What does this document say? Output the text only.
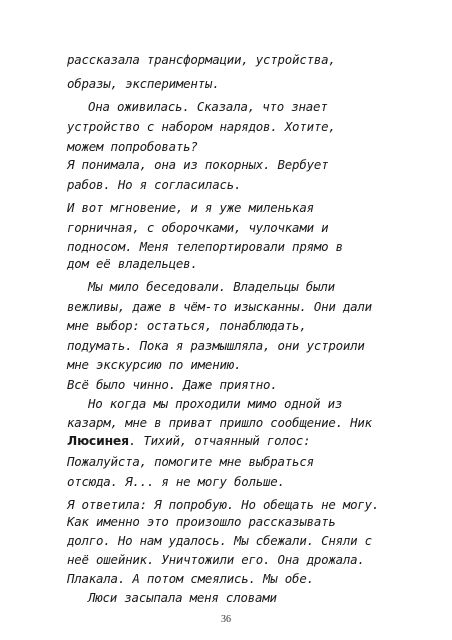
рассказала трансформации, устройства,
образы, эксперименты.
Она оживилась. Сказала, что знает
устройство с набором нарядов. Хотите,
можем попробовать?
Я понимала, она из покорных. Вербует
рабов. Но я согласилась.
И вот мгновение, и я уже миленькая
горничная, с оборочками, чулочками и
подносом. Меня телепортировали прямо в
дом её владельцев.
Мы мило беседовали. Владельцы были
вежливы, даже в чём-то изысканны. Они дали
мне выбор: остаться, понаблюдать,
подумать. Пока я размышляла, они устроили
мне экскурсию по имению.
Всё было чинно. Даже приятно.
Но когда мы проходили мимо одной из
казарм, мне в приват пришло сообщение. Ник
Люсинея. Тихий, отчаянный голос:
Пожалуйста, помогите мне выбраться
отсюда. Я... я не могу больше.
Я ответила: Я попробую. Но обещать не могу.
Как именно это произошло рассказывать
долго. Но нам удалось. Мы сбежали. Сняли с
неё ошейник. Уничтожили его. Она дрожала.
Плакала. А потом смеялись. Мы обе.
Люси засыпала меня словами
36
